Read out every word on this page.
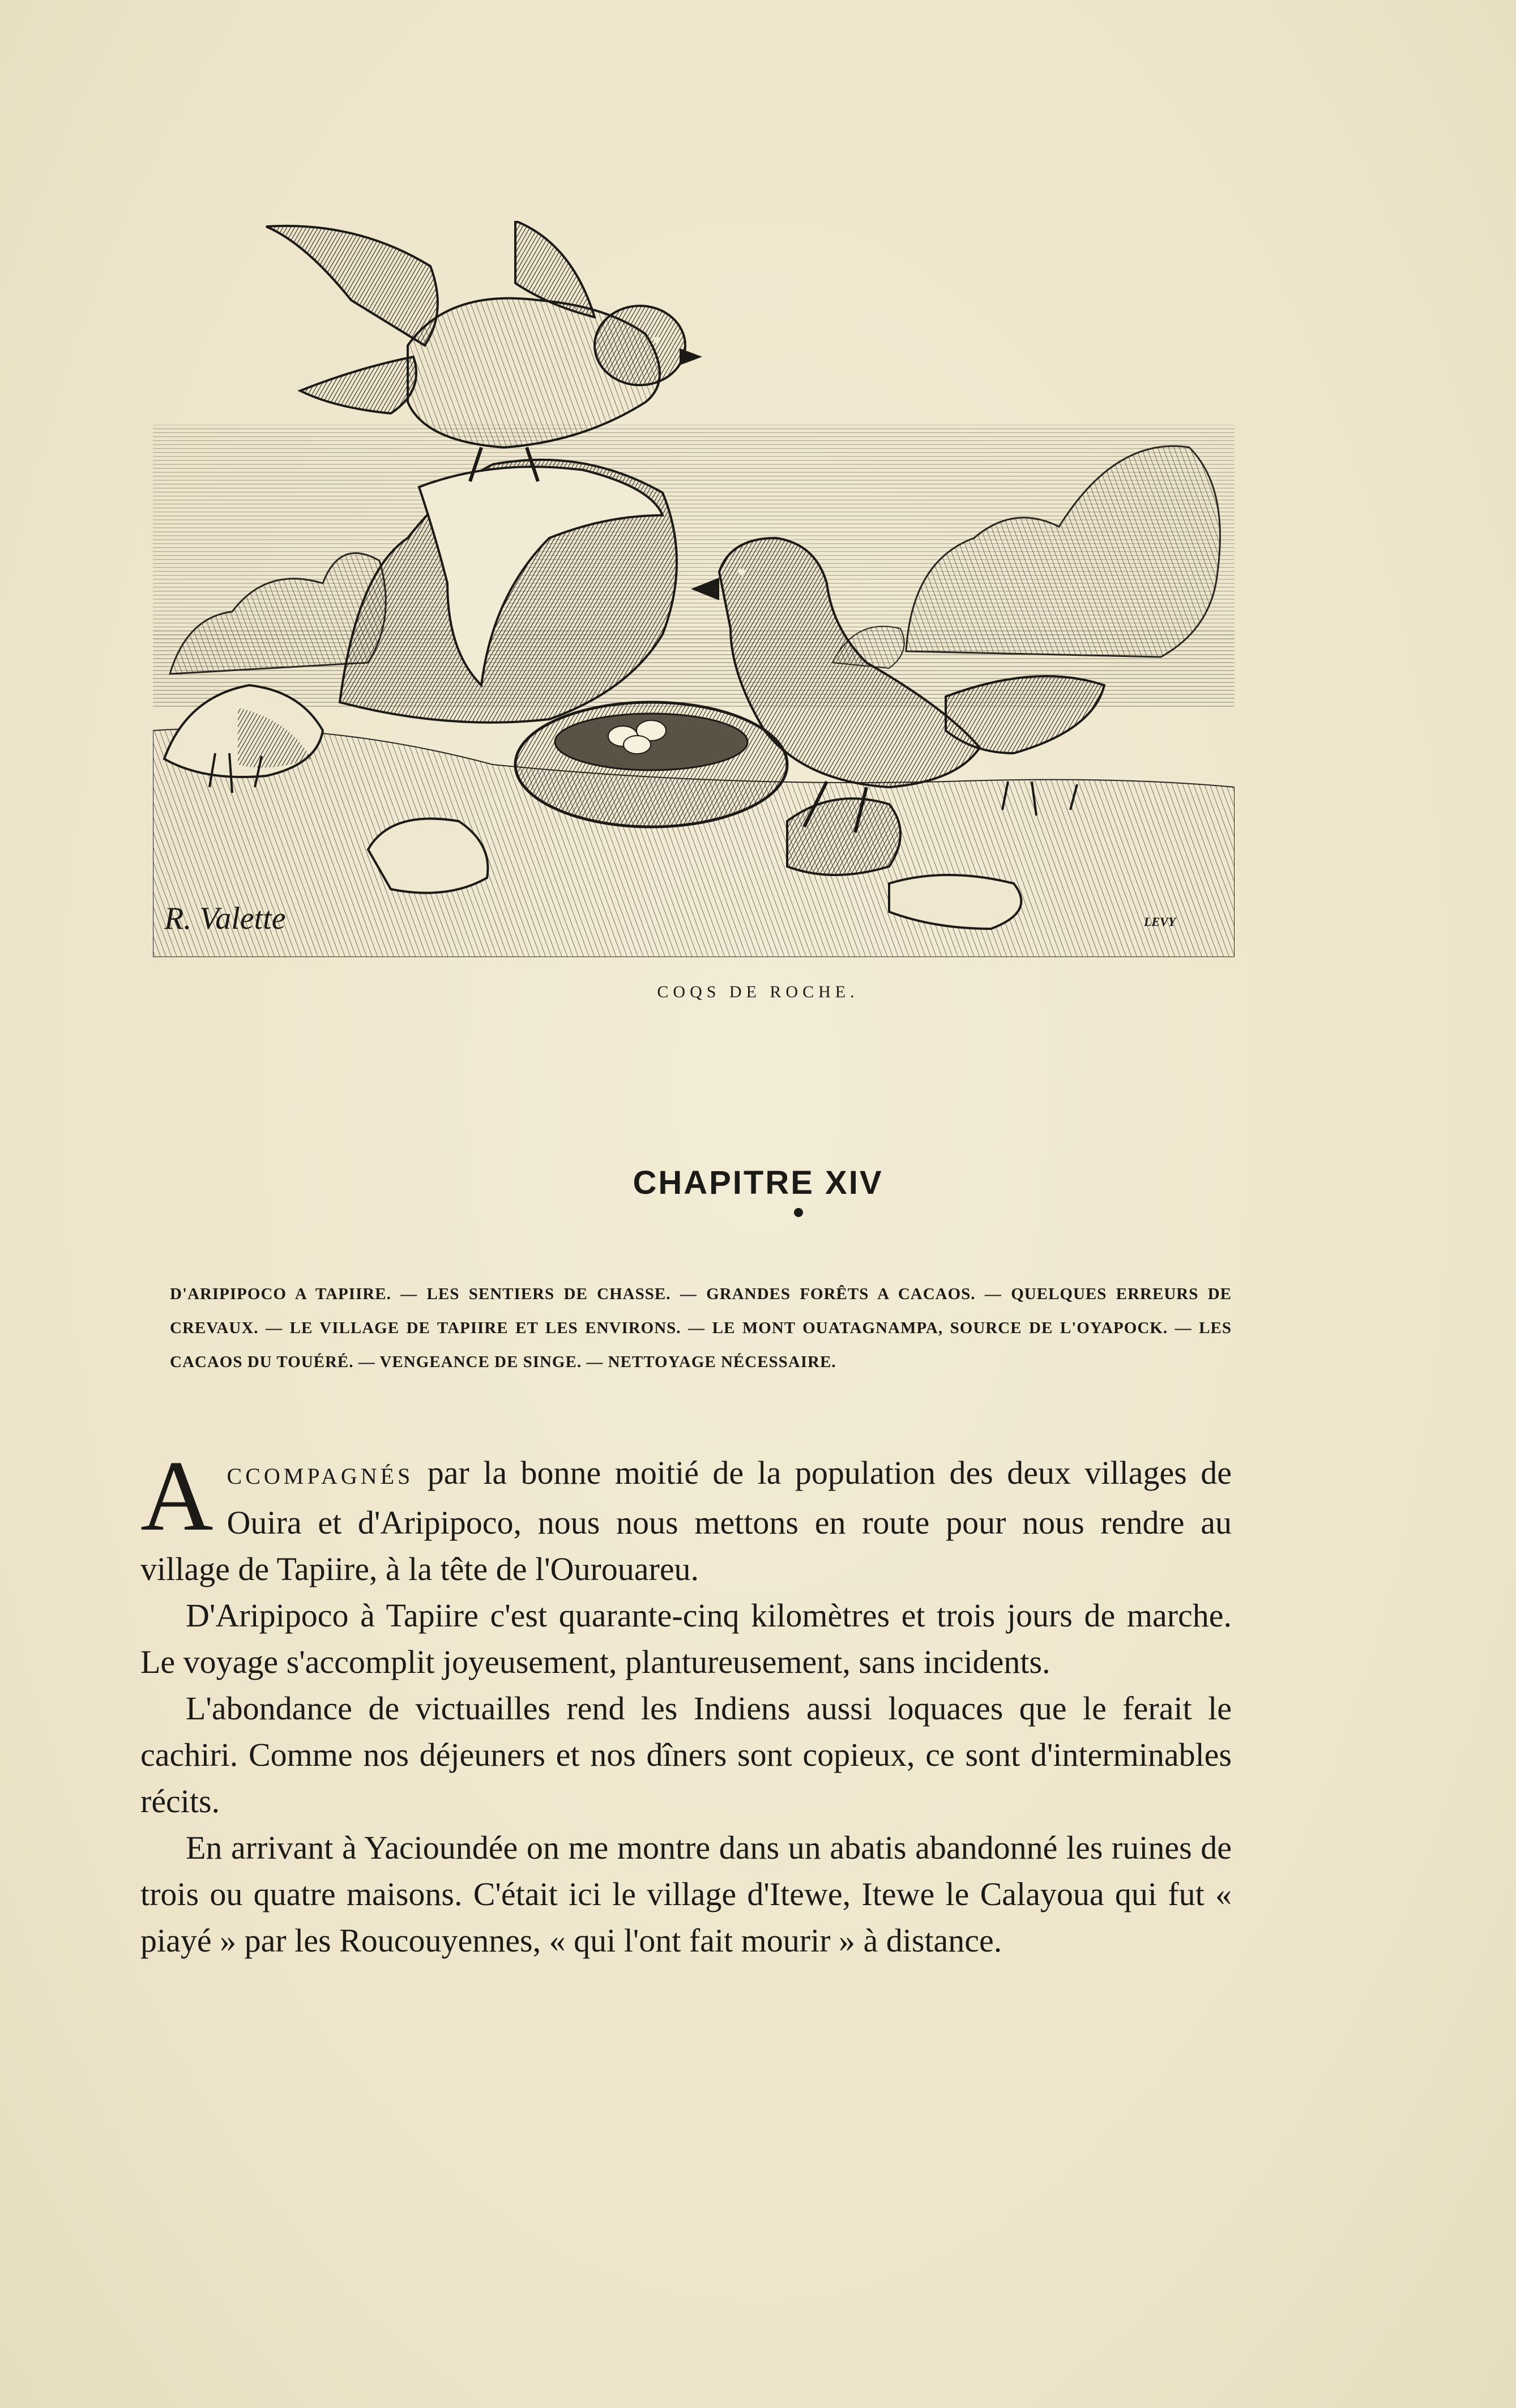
R. Valette	LEVY
COQS DE ROCHE.
CHAPITRE XIV
D'ARIPIPOCO A TAPIIRE. — LES SENTIERS DE CHASSE. — GRANDES FORÊTS A CACAOS. — QUELQUES ERREURS DE CREVAUX. — LE VILLAGE DE TAPIIRE ET LES ENVIRONS. — LE MONT OUATAGNAMPA, SOURCE DE L'OYAPOCK. — LES CACAOS DU TOUÉRÉ. — VENGEANCE DE SINGE. — NETTOYAGE NÉCESSAIRE.

ACCOMPAGNÉS par la bonne moitié de la population des deux villages de Ouira et d'Aripipoco, nous nous mettons en route pour nous rendre au village de Tapiire, à la tête de l'Ourouareu.

D'Aripipoco à Tapiire c'est quarante-cinq kilomètres et trois jours de marche. Le voyage s'accomplit joyeusement, plantureusement, sans incidents.

L'abondance de victuailles rend les Indiens aussi loquaces que le ferait le cachiri. Comme nos déjeuners et nos dîners sont copieux, ce sont d'interminables récits.

En arrivant à Yacioundée on me montre dans un abatis abandonné les ruines de trois ou quatre maisons. C'était ici le village d'Itewe, Itewe le Calayoua qui fut « piayé » par les Roucouyennes, « qui l'ont fait mourir » à distance.
